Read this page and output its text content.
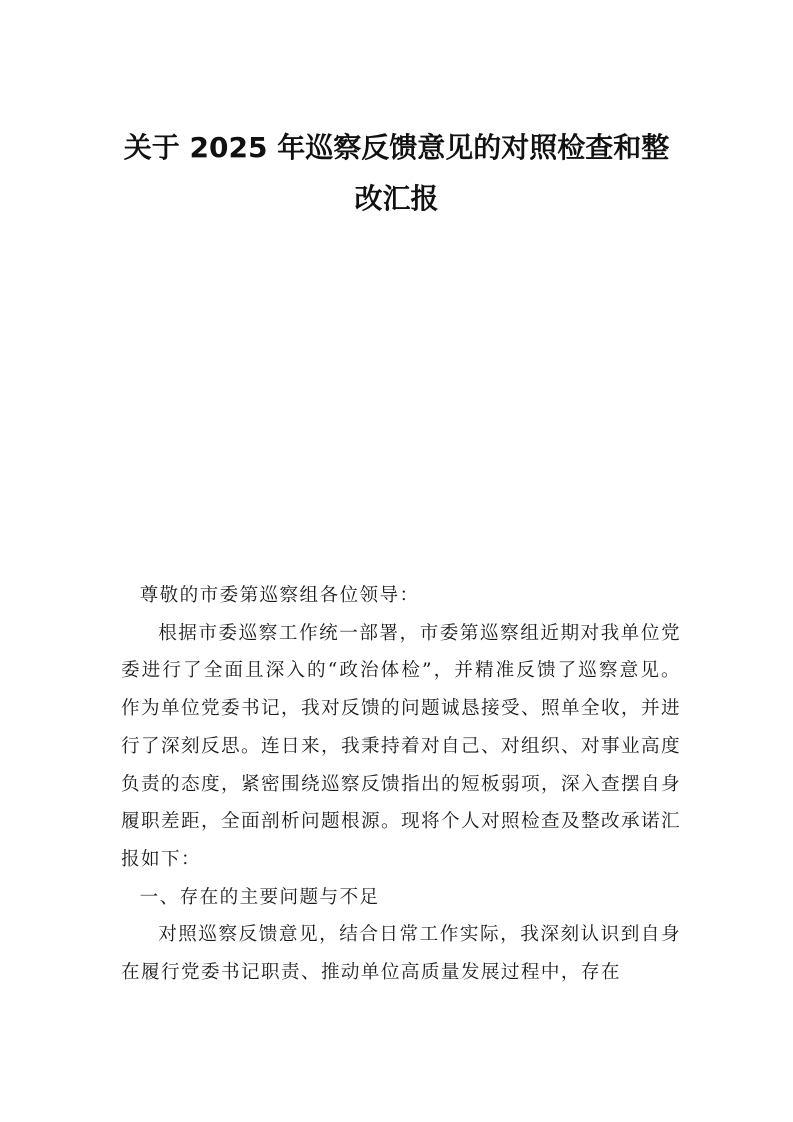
关于 2025 年巡察反馈意见的对照检查和整
改汇报

尊敬的市委第巡察组各位领导：

根据市委巡察工作统一部署，市委第巡察组近期对我单位党委进行了全面且深入的“政治体检”，并精准反馈了巡察意见。作为单位党委书记，我对反馈的问题诚恳接受、照单全收，并进行了深刻反思。连日来，我秉持着对自己、对组织、对事业高度负责的态度，紧密围绕巡察反馈指出的短板弱项，深入查摆自身履职差距，全面剖析问题根源。现将个人对照检查及整改承诺汇报如下：

一、存在的主要问题与不足

对照巡察反馈意见，结合日常工作实际，我深刻认识到自身在履行党委书记职责、推动单位高质量发展过程中，存在
